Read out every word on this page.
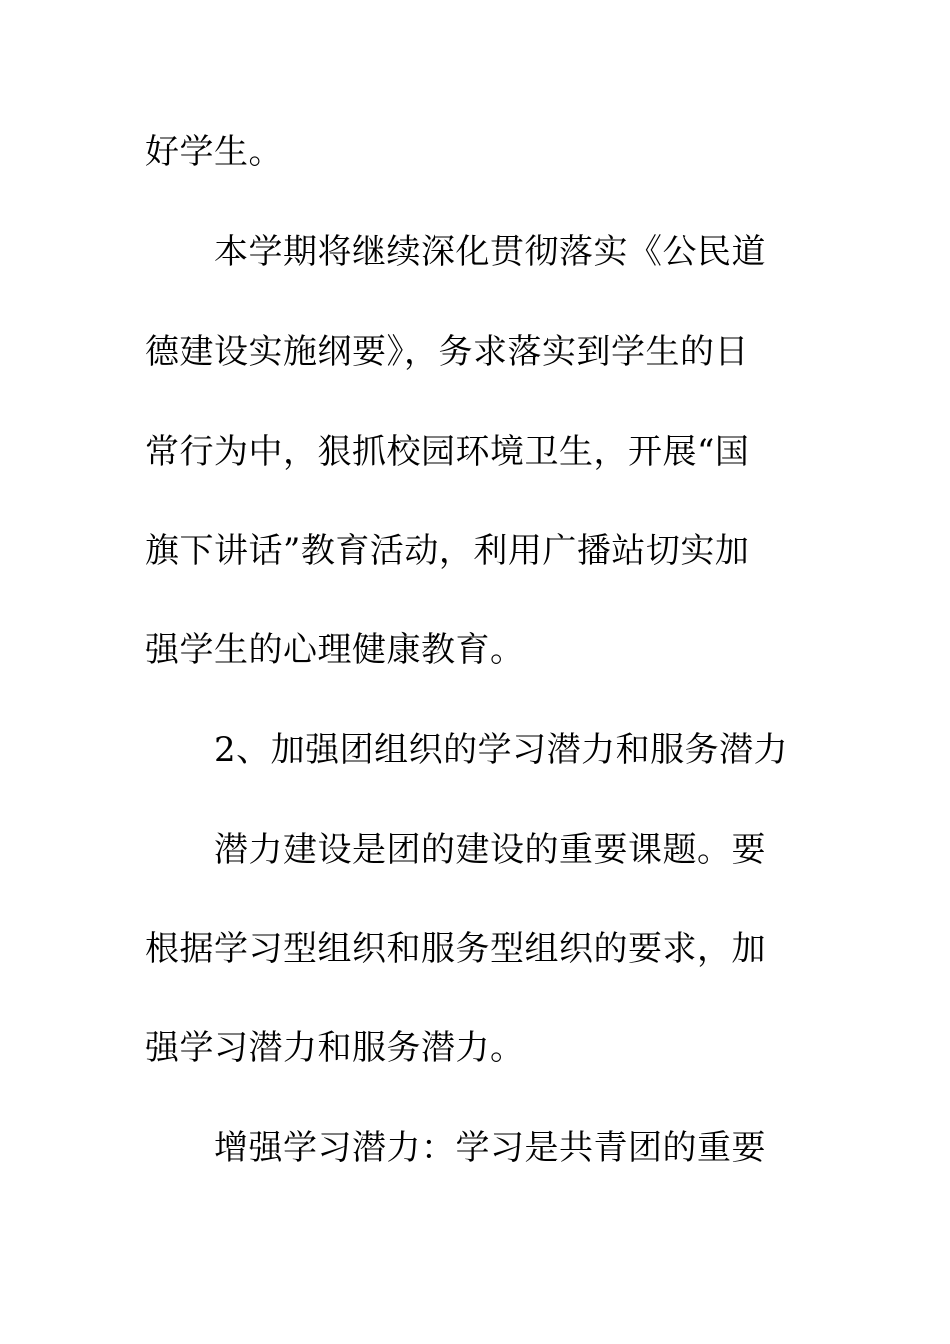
好学生。
本学期将继续深化贯彻落实《公民道
德建设实施纲要》，务求落实到学生的日
常行为中，狠抓校园环境卫生，开展“国
旗下讲话”教育活动，利用广播站切实加
强学生的心理健康教育。
2、加强团组织的学习潜力和服务潜力
潜力建设是团的建设的重要课题。要
根据学习型组织和服务型组织的要求，加
强学习潜力和服务潜力。
增强学习潜力：学习是共青团的重要
